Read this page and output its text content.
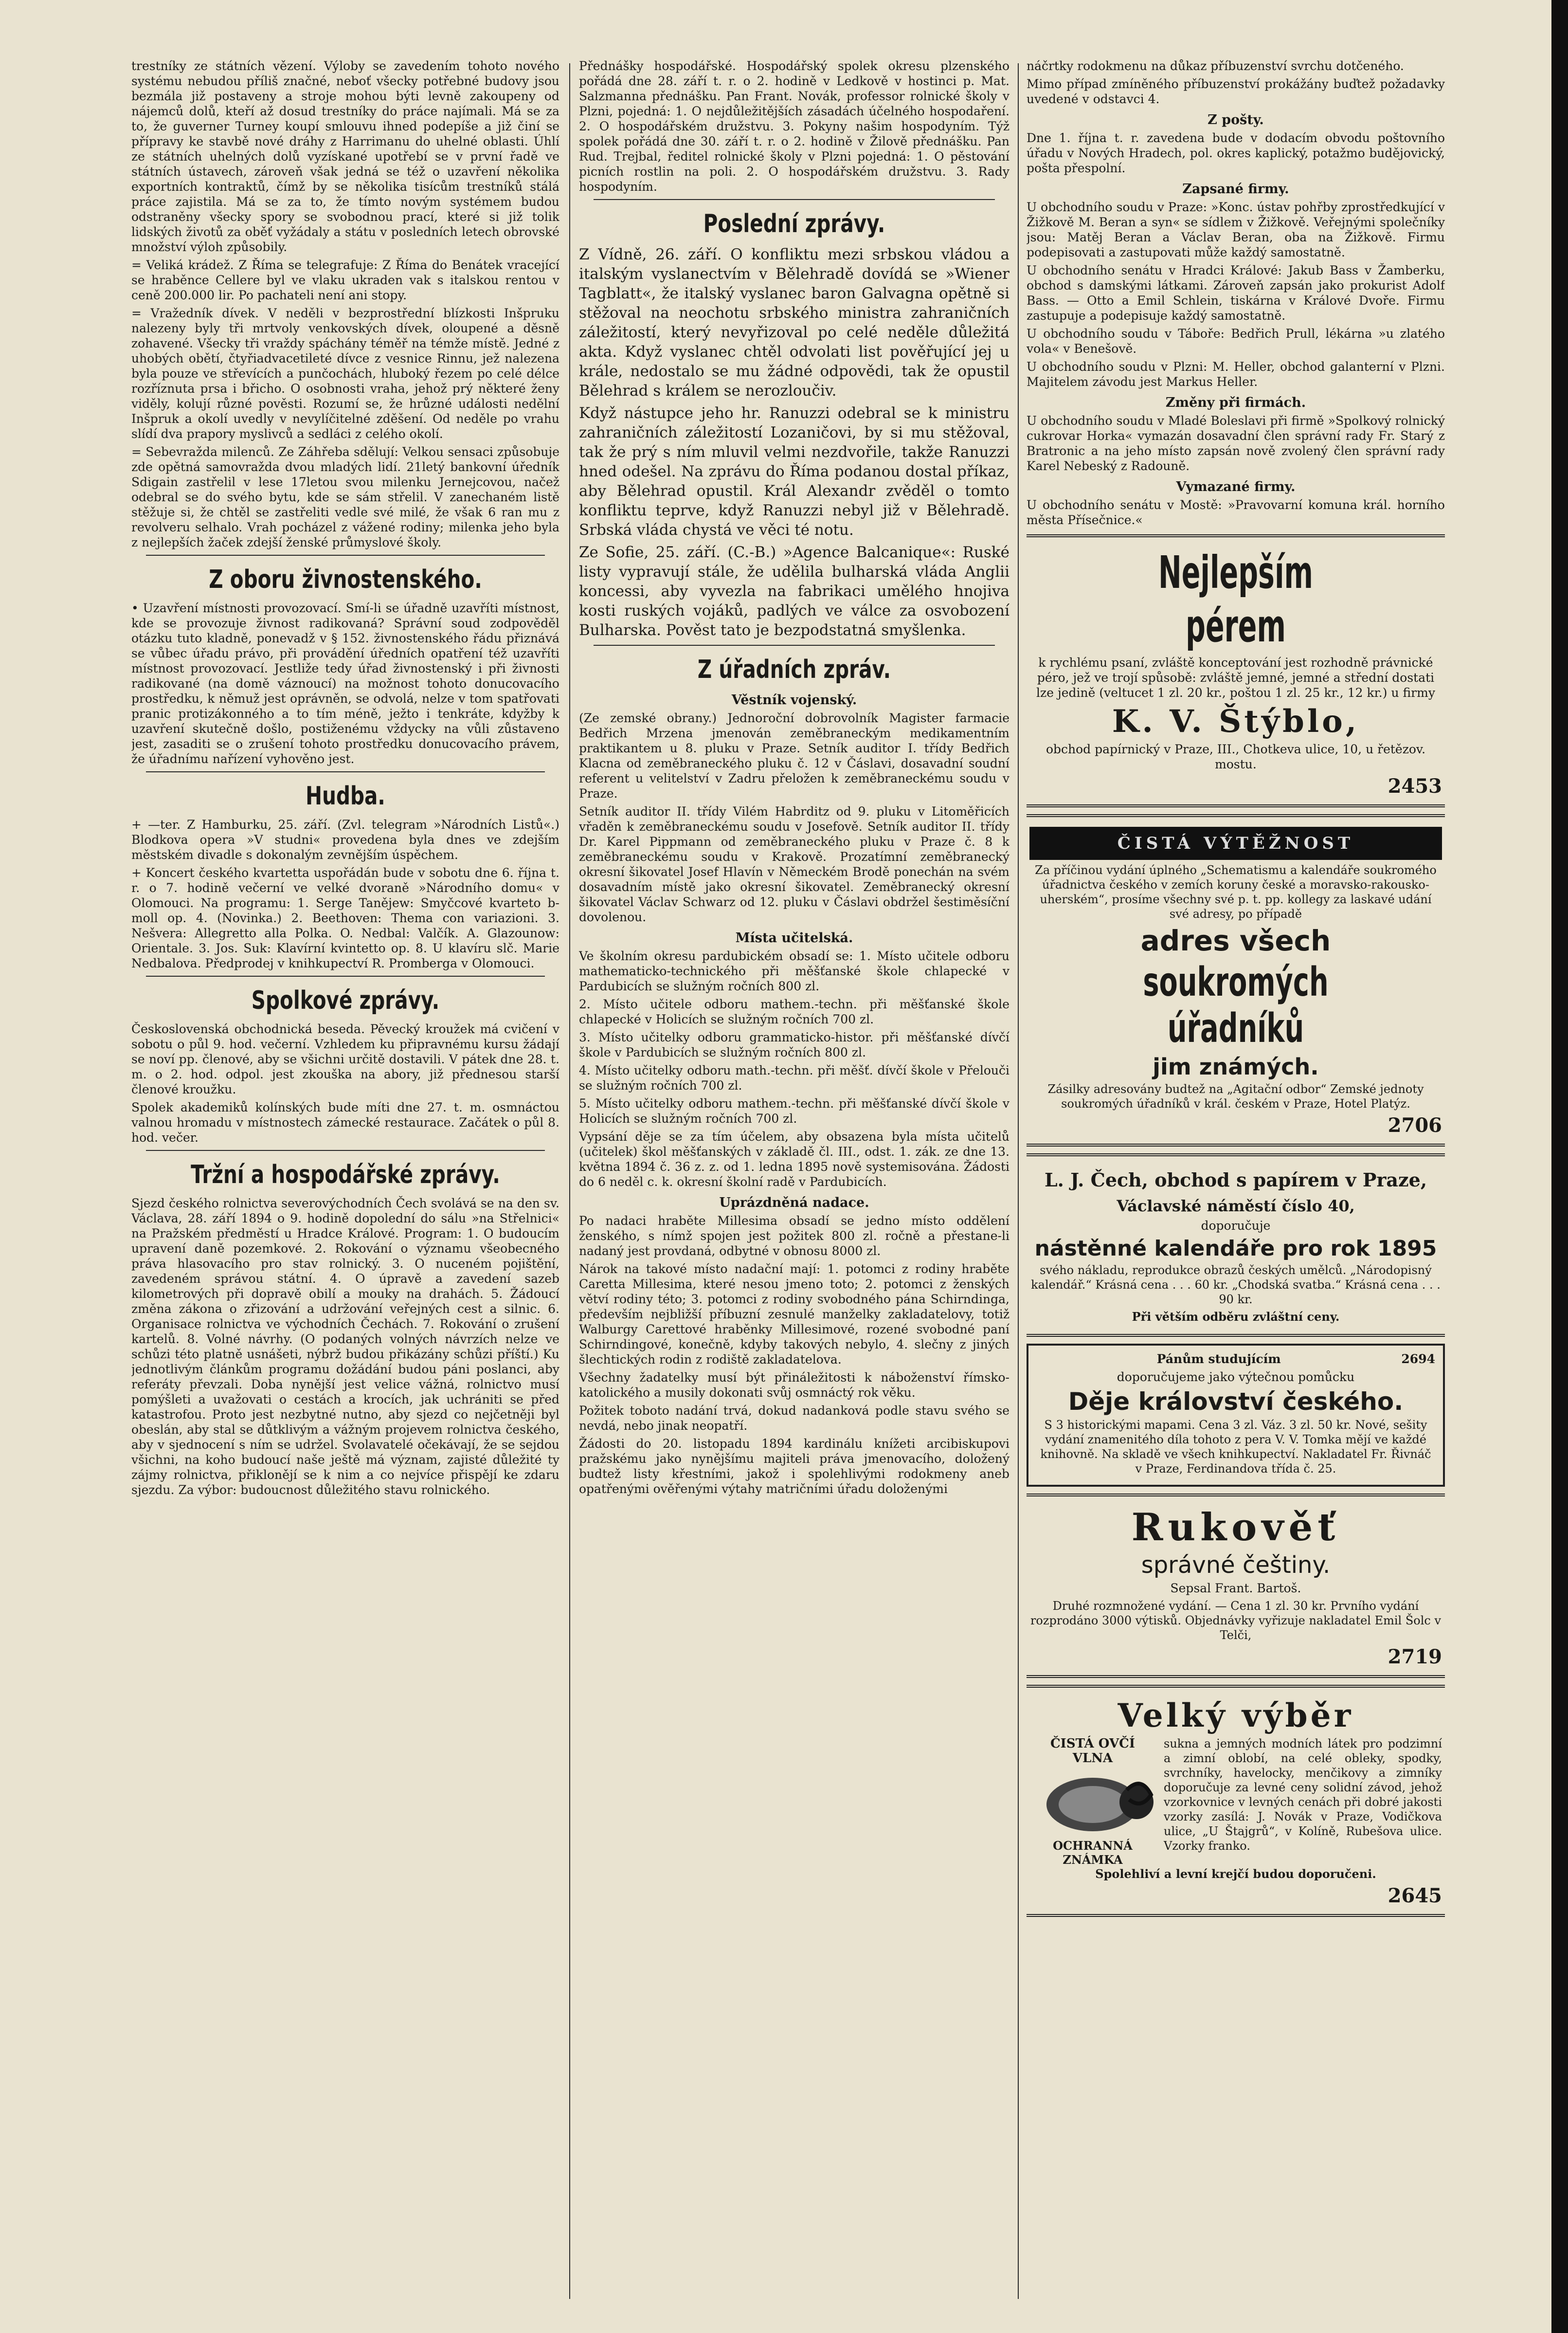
trestníky ze státních vězení. Výloby se zavedením tohoto nového systému nebudou příliš značné, neboť všecky potřebné budovy jsou bezmála již postaveny a stroje mohou býti levně zakoupeny od nájemců dolů, kteří až dosud trestníky do práce najímali. Má se za to, že guverner Turney koupí smlouvu ihned podepíše a již činí se přípravy ke stavbě nové dráhy z Harrimanu do uhelné oblasti. Úhlí ze státních uhelných dolů vyzískané upotřebí se v první řadě ve státních ústavech, zároveň však jedná se též o uzavření několika exportních kontraktů, čímž by se několika tisícům trestníků stálá práce zajistila. Má se za to, že tímto novým systémem budou odstraněny všecky spory se svobodnou prací, které si již tolik lidských životů za oběť vyžádaly a státu v posledních letech obrovské množství výloh způsobily.

= Veliká krádež. Z Říma se telegrafuje: Z Říma do Benátek vracející se hraběnce Cellere byl ve vlaku ukraden vak s italskou rentou v ceně 200.000 lir. Po pachateli není ani stopy.

= Vražedník dívek. V neděli v bezprostřední blízkosti Inšpruku nalezeny byly tři mrtvoly venkovských dívek, oloupené a děsně zohavené. Všecky tři vraždy spáchány téměř na témže místě. Jedné z uhobých obětí, čtyřiadvacetileté dívce z vesnice Rinnu, jež nalezena byla pouze ve střevících a punčochách, hluboký řezem po celé délce rozříznuta prsa i břicho. O osobnosti vraha, jehož prý některé ženy viděly, kolují různé pověsti. Rozumí se, že hrůzné události nedělní Inšpruk a okolí uvedly v nevylíčitelné zděšení. Od neděle po vrahu slídí dva prapory myslivců a sedláci z celého okolí.

= Sebevražda milenců. Ze Záhřeba sdělují: Velkou sensaci způsobuje zde opětná samovražda dvou mladých lidí. 21letý bankovní úředník Sdigain zastřelil v lese 17letou svou milenku Jernejcovou, načež odebral se do svého bytu, kde se sám střelil. V zanechaném listě stěžuje si, že chtěl se zastřeliti vedle své milé, že však 6 ran mu z revolveru selhalo. Vrah pocházel z vážené rodiny; milenka jeho byla z nejlepších žaček zdejší ženské průmyslové školy.

Z oboru živnostenského.

• Uzavření místnosti provozovací. Smí-li se úřadně uzavříti místnost, kde se provozuje živnost radikovaná? Správní soud zodpověděl otázku tuto kladně, ponevadž v § 152. živnostenského řádu přiznává se vůbec úřadu právo, při provádění úředních opatření též uzavříti místnost provozovací. Jestliže tedy úřad živnostenský i při živnosti radikované (na domě váznoucí) na možnost tohoto donucovacího prostředku, k němuž jest oprávněn, se odvolá, nelze v tom spatřovati pranic protizákonného a to tím méně, ježto i tenkráte, kdyžby k uzavření skutečně došlo, postiženému vždycky na vůli zůstaveno jest, zasaditi se o zrušení tohoto prostředku donucovacího právem, že úřadnímu nařízení vyhověno jest.

Hudba.

+ —ter. Z Hamburku, 25. září. (Zvl. telegram »Národních Listů«.) Blodkova opera »V studni« provedena byla dnes ve zdejším městském divadle s dokonalým zevnějším úspěchem.

+ Koncert českého kvartetta uspořádán bude v sobotu dne 6. října t. r. o 7. hodině večerní ve velké dvoraně »Národního domu« v Olomouci. Na programu: 1. Serge Tanějew: Smyčcové kvarteto b-moll op. 4. (Novinka.) 2. Beethoven: Thema con variazioni. 3. Nešvera: Allegretto alla Polka. O. Nedbal: Valčík. A. Glazounow: Orientale. 3. Jos. Suk: Klavírní kvintetto op. 8. U klavíru slč. Marie Nedbalova. Předprodej v knihkupectví R. Promberga v Olomouci.

Spolkové zprávy.

Československá obchodnická beseda. Pěvecký kroužek má cvičení v sobotu o půl 9. hod. večerní. Vzhledem ku připravnému kursu žádají se noví pp. členové, aby se všichni určitě dostavili. V pátek dne 28. t. m. o 2. hod. odpol. jest zkouška na abory, již přednesou starší členové kroužku.

Spolek akademiků kolínských bude míti dne 27. t. m. osmnáctou valnou hromadu v místnostech zámecké restaurace. Začátek o půl 8. hod. večer.

Tržní a hospodářské zprávy.

Sjezd českého rolnictva severovýchodních Čech svolává se na den sv. Václava, 28. září 1894 o 9. hodině dopolední do sálu »na Střelnici« na Pražském předměstí u Hradce Králové. Program: 1. O budoucím upravení daně pozemkové. 2. Rokování o významu všeobecného práva hlasovacího pro stav rolnický. 3. O nuceném pojištění, zavedeném správou státní. 4. O úpravě a zavedení sazeb kilometrových při dopravě obilí a mouky na drahách. 5. Žádoucí změna zákona o zřizování a udržování veřejných cest a silnic. 6. Organisace rolnictva ve východních Čechách. 7. Rokování o zrušení kartelů. 8. Volné návrhy. (O podaných volných návrzích nelze ve schůzi této platně usnášeti, nýbrž budou přikázány schůzi příští.) Ku jednotlivým článkům programu dožádání budou páni poslanci, aby referáty převzali. Doba nynější jest velice vážná, rolnictvo musí pomýšleti a uvažovati o cestách a krocích, jak uchrániti se před katastrofou. Proto jest nezbytné nutno, aby sjezd co nejčetněji byl obeslán, aby stal se důtklivým a vážným projevem rolnictva českého, aby v sjednocení s ním se udržel. Svolavatelé očekávají, že se sejdou všichni, na koho budoucí naše ještě má význam, zajisté důležité ty zájmy rolnictva, přiklonějí se k nim a co nejvíce přispějí ke zdaru sjezdu. Za výbor: budoucnost důležitého stavu rolnického.

Přednášky hospodářské. Hospodářský spolek okresu plzenského pořádá dne 28. září t. r. o 2. hodině v Ledkově v hostinci p. Mat. Salzmanna přednášku. Pan Frant. Novák, professor rolnické školy v Plzni, pojedná: 1. O nejdůležitějších zásadách účelného hospodaření. 2. O hospodářském družstvu. 3. Pokyny našim hospodyním. Týž spolek pořádá dne 30. září t. r. o 2. hodině v Žilově přednášku. Pan Rud. Trejbal, ředitel rolnické školy v Plzni pojedná: 1. O pěstování picních rostlin na poli. 2. O hospodářském družstvu. 3. Rady hospodyním.

Poslední zprávy.

Z Vídně, 26. září. O konfliktu mezi srbskou vládou a italským vyslanectvím v Bělehradě dovídá se »Wiener Tagblatt«, že italský vyslanec baron Galvagna opětně si stěžoval na neochotu srbského ministra zahraničních záležitostí, který nevyřizoval po celé neděle důležitá akta. Když vyslanec chtěl odvolati list pověřující jej u krále, nedostalo se mu žádné odpovědi, tak že opustil Bělehrad s králem se nerozloučiv.

Když nástupce jeho hr. Ranuzzi odebral se k ministru zahraničních záležitostí Lozaničovi, by si mu stěžoval, tak že prý s ním mluvil velmi nezdvořile, takže Ranuzzi hned odešel. Na zprávu do Říma podanou dostal příkaz, aby Bělehrad opustil. Král Alexandr zvěděl o tomto konfliktu teprve, když Ranuzzi nebyl již v Bělehradě. Srbská vláda chystá ve věci té notu.

Ze Sofie, 25. září. (C.-B.) »Agence Balcanique«: Ruské listy vypravují stále, že udělila bulharská vláda Anglii koncessi, aby vyvezla na fabrikaci umělého hnojiva kosti ruských vojáků, padlých ve válce za osvobození Bulharska. Pověst tato je bezpodstatná smyšlenka.

Z úřadních zpráv.
Věstník vojenský.

(Ze zemské obrany.) Jednoroční dobrovolník Magister farmacie Bedřich Mrzena jmenován zeměbraneckým medikamentním praktikantem u 8. pluku v Praze. Setník auditor I. třídy Bedřich Klacna od zeměbraneckého pluku č. 12 v Čáslavi, dosavadní soudní referent u velitelství v Zadru přeložen k zeměbraneckému soudu v Praze.

Setník auditor II. třídy Vilém Habrditz od 9. pluku v Litoměřicích vřaděn k zeměbraneckému soudu v Josefově. Setník auditor II. třídy Dr. Karel Pippmann od zeměbraneckého pluku v Praze č. 8 k zeměbraneckému soudu v Krakově. Prozatímní zeměbranecký okresní šikovatel Josef Hlavín v Německém Brodě ponechán na svém dosavadním místě jako okresní šikovatel. Zeměbranecký okresní šikovatel Václav Schwarz od 12. pluku v Čáslavi obdržel šestiměsíční dovolenou.

Místa učitelská.

Ve školním okresu pardubickém obsadí se: 1. Místo učitele odboru mathematicko-technického při měšťanské škole chlapecké v Pardubicích se služným ročních 800 zl.

2. Místo učitele odboru mathem.-techn. při měšťanské škole chlapecké v Holicích se služným ročních 700 zl.

3. Místo učitelky odboru grammaticko-histor. při měšťanské dívčí škole v Pardubicích se služným ročních 800 zl.

4. Místo učitelky odboru math.-techn. při měšť. dívčí škole v Přelouči se služným ročních 700 zl.

5. Místo učitelky odboru mathem.-techn. při měšťanské dívčí škole v Holicích se služným ročních 700 zl.

Vypsání děje se za tím účelem, aby obsazena byla místa učitelů (učitelek) škol měšťanských v základě čl. III., odst. 1. zák. ze dne 13. května 1894 č. 36 z. z. od 1. ledna 1895 nově systemisována. Žádosti do 6 neděl c. k. okresní školní radě v Pardubicích.

Uprázdněná nadace.

Po nadaci hraběte Millesima obsadí se jedno místo oddělení ženského, s nímž spojen jest požitek 800 zl. ročně a přestane-li nadaný jest provdaná, odbytné v obnosu 8000 zl.

Nárok na takové místo nadační mají: 1. potomci z rodiny hraběte Caretta Millesima, které nesou jmeno toto; 2. potomci z ženských větví rodiny této; 3. potomci z rodiny svobodného pána Schirndinga, především nejbližší příbuzní zesnulé manželky zakladatelovy, totiž Walburgy Carettové hraběnky Millesimové, rozené svobodné paní Schirndingové, konečně, kdyby takových nebylo, 4. slečny z jiných šlechtických rodin z rodiště zakladatelova.

Všechny žadatelky musí být přináležitosti k náboženství římsko-katolického a musily dokonati svůj osmnáctý rok věku.

Požitek toboto nadání trvá, dokud nadanková podle stavu svého se nevdá, nebo jinak neopatří.

Žádosti do 20. listopadu 1894 kardinálu knížeti arcibiskupovi pražskému jako nynějšímu majiteli práva jmenovacího, doložený budtež listy křestními, jakož i spolehlivými rodokmeny aneb opatřenými ověřenými výtahy matričními úřadu doloženými

náčrtky rodokmenu na důkaz příbuzenství svrchu dotčeného.

Mimo případ zmíněného příbuzenství prokážány buďtež požadavky uvedené v odstavci 4.

Z pošty.

Dne 1. října t. r. zavedena bude v dodacím obvodu poštovního úřadu v Nových Hradech, pol. okres kaplický, potažmo budějovický, pošta přespolní.

Zapsané firmy.

U obchodního soudu v Praze: »Konc. ústav pohřby zprostředkující v Žižkově M. Beran a syn« se sídlem v Žižkově. Veřejnými společníky jsou: Matěj Beran a Václav Beran, oba na Žižkově. Firmu podepisovati a zastupovati může každý samostatně.

U obchodního senátu v Hradci Králové: Jakub Bass v Žamberku, obchod s damskými látkami. Zároveň zapsán jako prokurist Adolf Bass. — Otto a Emil Schlein, tiskárna v Králové Dvoře. Firmu zastupuje a podepisuje každý samostatně.

U obchodního soudu v Táboře: Bedřich Prull, lékárna »u zlatého vola« v Benešově.

U obchodního soudu v Plzni: M. Heller, obchod galanterní v Plzni. Majitelem závodu jest Markus Heller.

Změny při firmách.

U obchodního soudu v Mladé Boleslavi při firmě »Spolkový rolnický cukrovar Horka« vymazán dosavadní člen správní rady Fr. Starý z Bratronic a na jeho místo zapsán nově zvolený člen správní rady Karel Nebeský z Radouně.

Vymazané firmy.

U obchodního senátu v Mostě: »Pravovarní komuna král. horního města Přísečnice.«

Nejlepším pérem

k rychlému psaní, zvláště konceptování jest rozhodně právnické péro, jež ve trojí spůsobě: zvláště jemné, jemné a střední dostati lze jedině (veltucet 1 zl. 20 kr., poštou 1 zl. 25 kr., 12 kr.) u firmy

K. V. Štýblo,

obchod papírnický v Praze, III., Chotkeva ulice, 10, u řetězov. mostu.

2453
ČISTÁ VÝTĚŽNOST

Za příčinou vydání úplného „Schematismu a kalendáře soukromého úřadnictva českého v zemích koruny české a moravsko-rakousko-uherském“, prosíme všechny své p. t. pp. kollegy za laskavé udání své adresy, po případě

adres všech
soukromých úřadníků
jim známých.

Zásilky adresovány budtež na „Agitační odbor“ Zemské jednoty soukromých úřadníků v král. českém v Praze, Hotel Platýz.

2706
L. J. Čech, obchod s papírem v Praze,
Václavské náměstí číslo 40,

doporučuje

nástěnné kalendáře pro rok 1895

svého nákladu, reprodukce obrazů českých umělců. „Národopisný kalendář.“ Krásná cena . . . 60 kr. „Chodská svatba.“ Krásná cena . . . 90 kr.

Při větším odběru zvláštní ceny.

Pánům studujícím	2694

doporučujeme jako výtečnou pomůcku

Děje království českého.

S 3 historickými mapami. Cena 3 zl. Váz. 3 zl. 50 kr. Nové, sešity vydání znamenitého díla tohoto z pera V. V. Tomka mějí ve každé knihovně. Na skladě ve všech knihkupectví. Nakladatel Fr. Řivnáč v Praze, Ferdinandova třída č. 25.

Rukověť
správné češtiny.

Sepsal Frant. Bartoš.

Druhé rozmnožené vydání. — Cena 1 zl. 30 kr. Prvního vydání rozprodáno 3000 výtisků. Objednávky vyřizuje nakladatel Emil Šolc v Telči,

2719
Velký výběr
ČISTÁ OVČÍ VLNA
OCHRANNÁ ZNÁMKA

sukna a jemných modních látek pro podzimní a zimní oblobí, na celé obleky, spodky, svrchníky, havelocky, menčikovy a zimníky doporučuje za levné ceny solidní závod, jehož vzorkovnice v levných cenách při dobré jakosti vzorky zasílá: J. Novák v Praze, Vodičkova ulice, „U Štajgrů“, v Kolíně, Rubešova ulice. Vzorky franko.

Spolehliví a levní krejčí budou doporučeni.

2645
